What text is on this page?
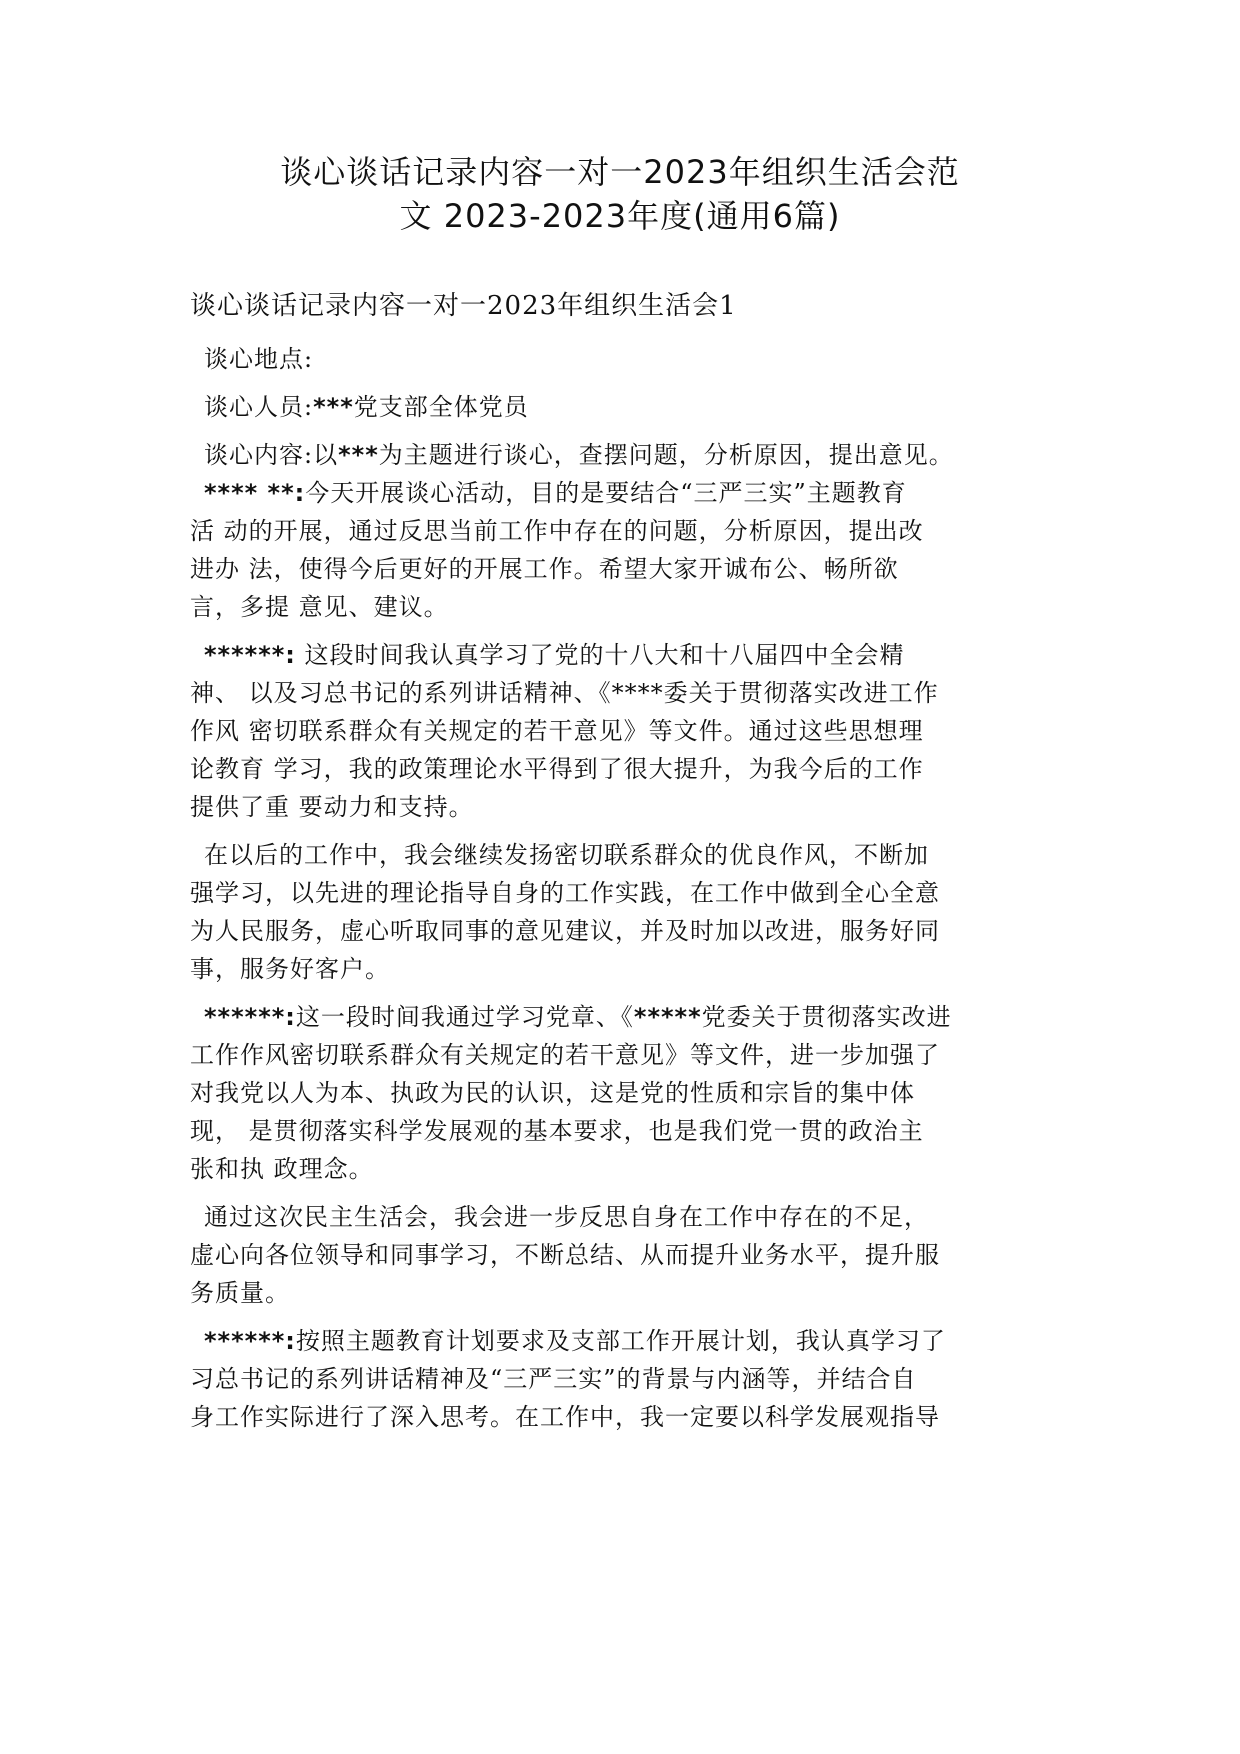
谈心谈话记录内容一对一2023年组织生活会范
文 2023-2023年度(通用6篇)
谈心谈话记录内容一对一2023年组织生活会1
谈心地点:
谈心人员:***党支部全体党员
谈心内容:以***为主题进行谈心，查摆问题，分析原因，提出意见。
**** **:今天开展谈心活动，目的是要结合“三严三实”主题教育
活 动的开展，通过反思当前工作中存在的问题，分析原因，提出改
进办 法，使得今后更好的开展工作。希望大家开诚布公、畅所欲
言，多提 意见、建议。
******: 这段时间我认真学习了党的十八大和十八届四中全会精
神、 以及习总书记的系列讲话精神、《****委关于贯彻落实改进工作
作风 密切联系群众有关规定的若干意见》等文件。通过这些思想理
论教育 学习，我的政策理论水平得到了很大提升，为我今后的工作
提供了重 要动力和支持。
在以后的工作中，我会继续发扬密切联系群众的优良作风，不断加
强学习，以先进的理论指导自身的工作实践，在工作中做到全心全意
为人民服务，虚心听取同事的意见建议，并及时加以改进，服务好同
事，服务好客户。
******:这一段时间我通过学习党章、《*****党委关于贯彻落实改进
工作作风密切联系群众有关规定的若干意见》等文件，进一步加强了
对我党以人为本、执政为民的认识，这是党的性质和宗旨的集中体
现， 是贯彻落实科学发展观的基本要求，也是我们党一贯的政治主
张和执 政理念。
通过这次民主生活会，我会进一步反思自身在工作中存在的不足，
虚心向各位领导和同事学习，不断总结、从而提升业务水平，提升服
务质量。
******:按照主题教育计划要求及支部工作开展计划，我认真学习了
习总书记的系列讲话精神及“三严三实”的背景与内涵等，并结合自
身工作实际进行了深入思考。在工作中，我一定要以科学发展观指导
